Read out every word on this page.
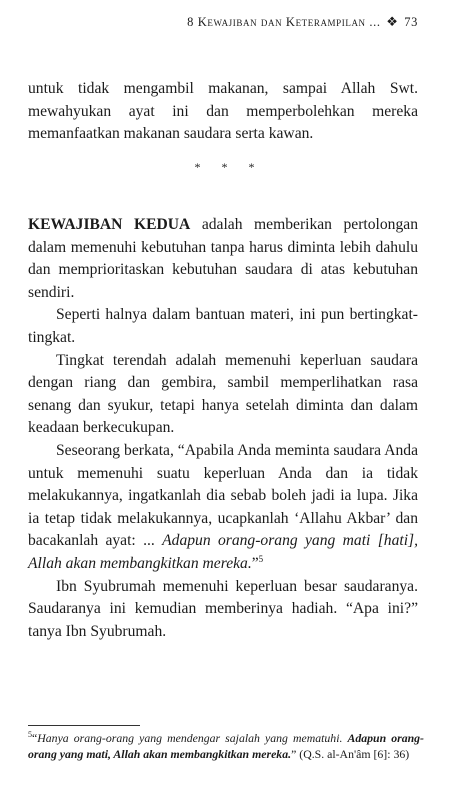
8 Kewajiban dan Keterampilan ... ❖ 73

untuk tidak mengambil makanan, sampai Allah Swt. mewahyukan ayat ini dan memperbolehkan mereka memanfaatkan makanan saudara serta kawan.

* * *

KEWAJIBAN KEDUA adalah memberikan pertolongan dalam memenuhi kebutuhan tanpa harus diminta lebih dahulu dan memprioritaskan kebutuhan saudara di atas kebutuhan sendiri.

Seperti halnya dalam bantuan materi, ini pun bertingkat-tingkat.

Tingkat terendah adalah memenuhi keperluan saudara dengan riang dan gembira, sambil memperlihatkan rasa senang dan syukur, tetapi hanya setelah diminta dan dalam keadaan berkecukupan.

Seseorang berkata, “Apabila Anda meminta saudara Anda untuk memenuhi suatu keperluan Anda dan ia tidak melakukannya, ingatkanlah dia sebab boleh jadi ia lupa. Jika ia tetap tidak melakukannya, ucapkanlah ‘Allahu Akbar’ dan bacakanlah ayat: ... Adapun orang-orang yang mati [hati], Allah akan membangkitkan mereka.”$^5$

Ibn Syubrumah memenuhi keperluan besar saudaranya. Saudaranya ini kemudian memberinya hadiah. “Apa ini?” tanya Ibn Syubrumah.

$^5$“Hanya orang-orang yang mendengar sajalah yang mematuhi. Adapun orang-orang yang mati, Allah akan membangkitkan mereka.” (Q.S. al-An'âm [6]: 36)
